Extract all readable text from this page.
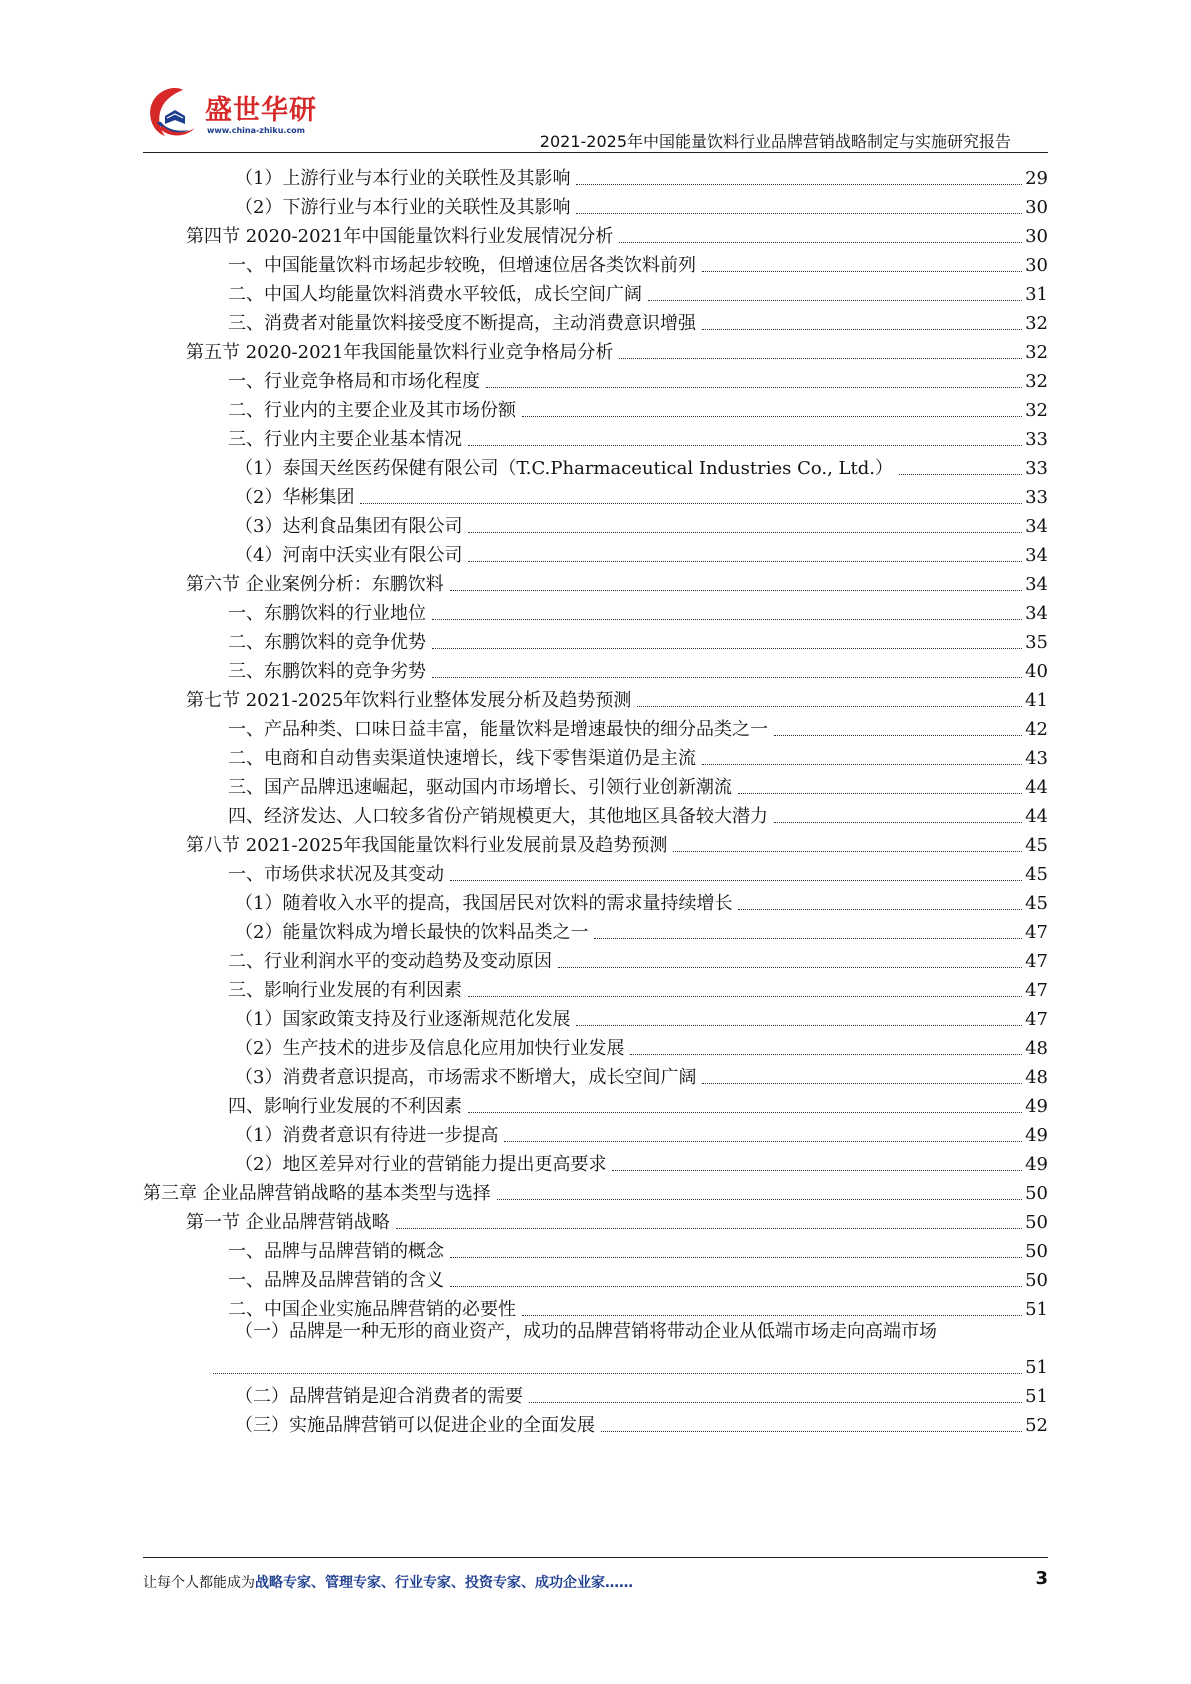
盛世华研
www.china-zhiku.com
2021-2025年中国能量饮料行业品牌营销战略制定与实施研究报告
（1）上游行业与本行业的关联性及其影响	29
（2）下游行业与本行业的关联性及其影响	30
第四节 2020-2021年中国能量饮料行业发展情况分析	30
一、中国能量饮料市场起步较晚，但增速位居各类饮料前列	30
二、中国人均能量饮料消费水平较低，成长空间广阔	31
三、消费者对能量饮料接受度不断提高，主动消费意识增强	32
第五节 2020-2021年我国能量饮料行业竞争格局分析	32
一、行业竞争格局和市场化程度	32
二、行业内的主要企业及其市场份额	32
三、行业内主要企业基本情况	33
（1）泰国天丝医药保健有限公司（T.C.Pharmaceutical Industries Co., Ltd.）	33
（2）华彬集团	33
（3）达利食品集团有限公司	34
（4）河南中沃实业有限公司	34
第六节 企业案例分析：东鹏饮料	34
一、东鹏饮料的行业地位	34
二、东鹏饮料的竞争优势	35
三、东鹏饮料的竞争劣势	40
第七节 2021-2025年饮料行业整体发展分析及趋势预测	41
一、产品种类、口味日益丰富，能量饮料是增速最快的细分品类之一	42
二、电商和自动售卖渠道快速增长，线下零售渠道仍是主流	43
三、国产品牌迅速崛起，驱动国内市场增长、引领行业创新潮流	44
四、经济发达、人口较多省份产销规模更大，其他地区具备较大潜力	44
第八节 2021-2025年我国能量饮料行业发展前景及趋势预测	45
一、市场供求状况及其变动	45
（1）随着收入水平的提高，我国居民对饮料的需求量持续增长	45
（2）能量饮料成为增长最快的饮料品类之一	47
二、行业利润水平的变动趋势及变动原因	47
三、影响行业发展的有利因素	47
（1）国家政策支持及行业逐渐规范化发展	47
（2）生产技术的进步及信息化应用加快行业发展	48
（3）消费者意识提高，市场需求不断增大，成长空间广阔	48
四、影响行业发展的不利因素	49
（1）消费者意识有待进一步提高	49
（2）地区差异对行业的营销能力提出更高要求	49
第三章 企业品牌营销战略的基本类型与选择	50
第一节 企业品牌营销战略	50
一、品牌与品牌营销的概念	50
一、品牌及品牌营销的含义	50
二、中国企业实施品牌营销的必要性	51
（一）品牌是一种无形的商业资产，成功的品牌营销将带动企业从低端市场走向高端市场
51
（二）品牌营销是迎合消费者的需要	51
（三）实施品牌营销可以促进企业的全面发展	52
让每个人都能成为战略专家、管理专家、行业专家、投资专家、成功企业家……	3
